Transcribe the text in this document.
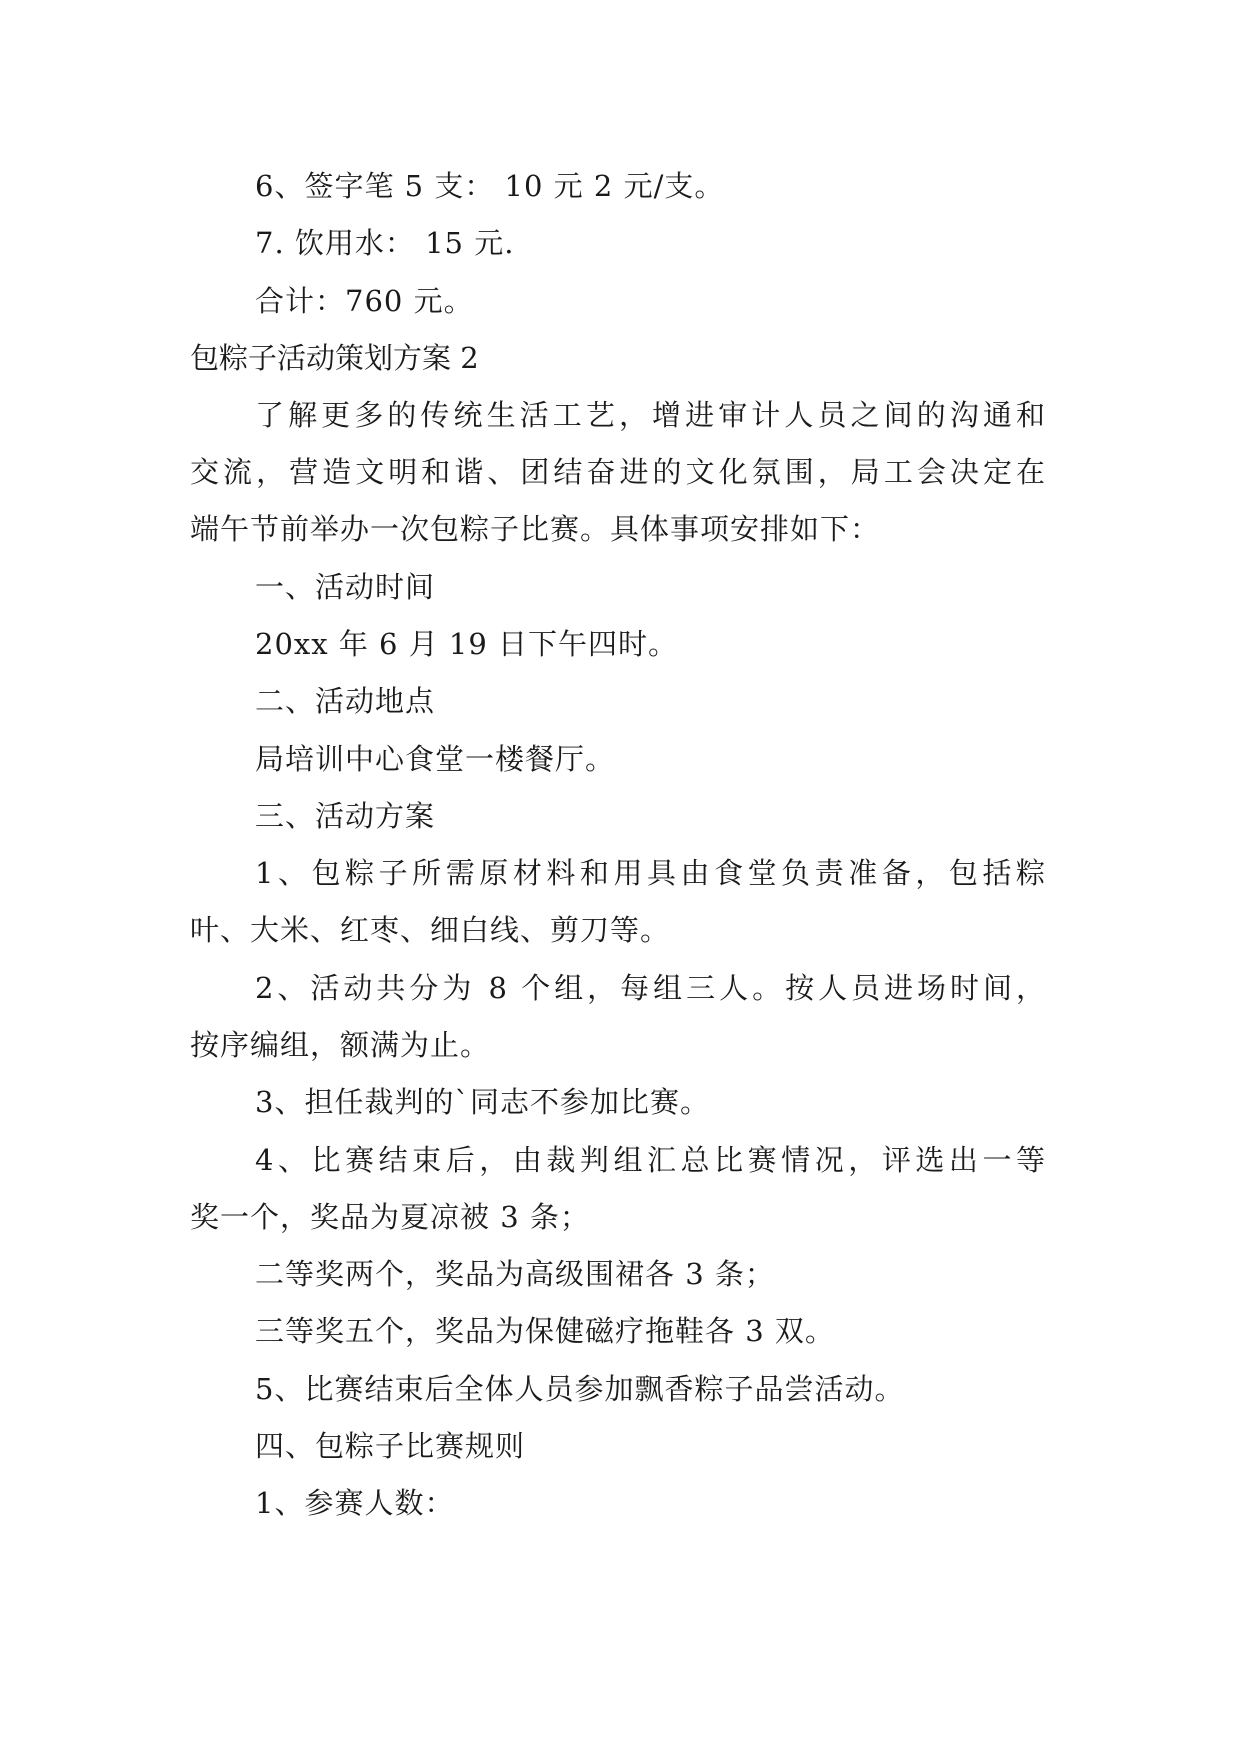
6、签字笔 5 支： 10 元 2 元/支。
7. 饮用水： 15 元.
合计：760 元。
包粽子活动策划方案 2
了解更多的传统生活工艺，增进审计人员之间的沟通和
交流，营造文明和谐、团结奋进的文化氛围，局工会决定在
端午节前举办一次包粽子比赛。具体事项安排如下：
一、活动时间
20xx 年 6 月 19 日下午四时。
二、活动地点
局培训中心食堂一楼餐厅。
三、活动方案
1、包粽子所需原材料和用具由食堂负责准备，包括粽
叶、大米、红枣、细白线、剪刀等。
2、活动共分为 8 个组，每组三人。按人员进场时间，
按序编组，额满为止。
3、担任裁判的`同志不参加比赛。
4、比赛结束后，由裁判组汇总比赛情况，评选出一等
奖一个，奖品为夏凉被 3 条；
二等奖两个，奖品为高级围裙各 3 条；
三等奖五个，奖品为保健磁疗拖鞋各 3 双。
5、比赛结束后全体人员参加飘香粽子品尝活动。
四、包粽子比赛规则
1、参赛人数：
